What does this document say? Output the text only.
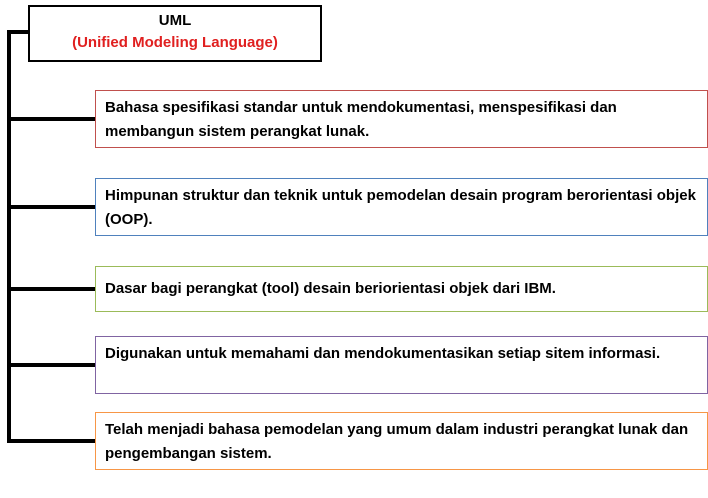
UML
(Unified Modeling Language)
Bahasa spesifikasi standar untuk mendokumentasi, menspesifikasi dan membangun sistem perangkat lunak.
Himpunan struktur dan teknik untuk pemodelan desain program berorientasi objek (OOP).
Dasar bagi perangkat (tool) desain beriorientasi objek dari IBM.
Digunakan untuk memahami dan mendokumentasikan setiap sitem informasi.
Telah menjadi bahasa pemodelan yang umum dalam industri perangkat lunak dan pengembangan sistem.
